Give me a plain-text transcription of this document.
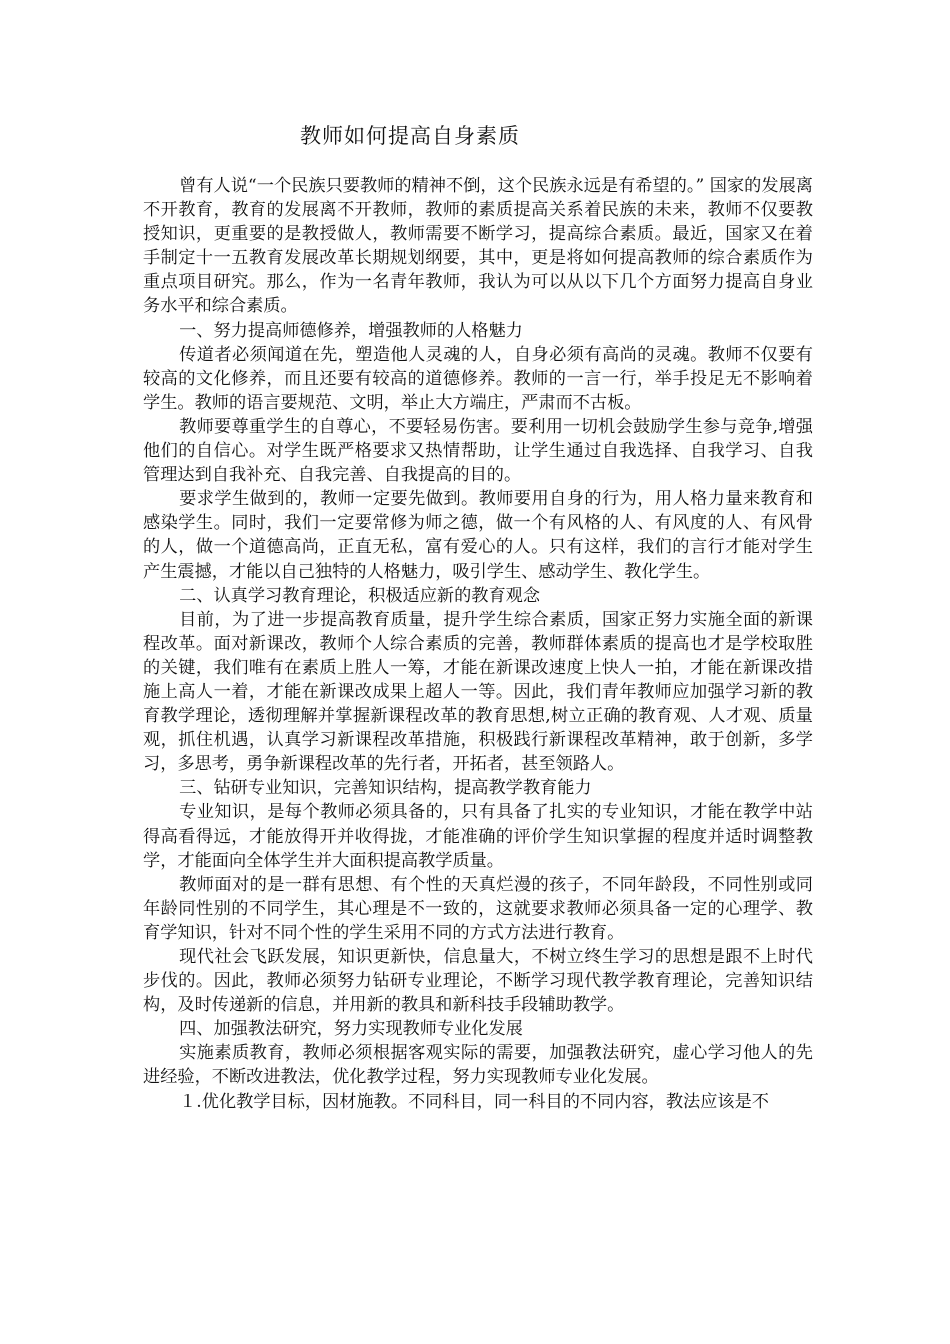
教师如何提高自身素质

曾有人说“一个民族只要教师的精神不倒，这个民族永远是有希望的。” 国家的发展离不开教育，教育的发展离不开教师，教师的素质提高关系着民族的未来，教师不仅要教授知识，更重要的是教授做人，教师需要不断学习，提高综合素质。最近，国家又在着手制定十一五教育发展改革长期规划纲要，其中，更是将如何提高教师的综合素质作为重点项目研究。那么，作为一名青年教师，我认为可以从以下几个方面努力提高自身业务水平和综合素质。

一、努力提高师德修养，增强教师的人格魅力

传道者必须闻道在先，塑造他人灵魂的人，自身必须有高尚的灵魂。教师不仅要有较高的文化修养，而且还要有较高的道德修养。教师的一言一行，举手投足无不影响着学生。教师的语言要规范、文明，举止大方端庄，严肃而不古板。

教师要尊重学生的自尊心，不要轻易伤害。要利用一切机会鼓励学生参与竞争,增强他们的自信心。对学生既严格要求又热情帮助，让学生通过自我选择、自我学习、自我管理达到自我补充、自我完善、自我提高的目的。

要求学生做到的，教师一定要先做到。教师要用自身的行为，用人格力量来教育和感染学生。同时，我们一定要常修为师之德，做一个有风格的人、有风度的人、有风骨的人，做一个道德高尚，正直无私，富有爱心的人。只有这样，我们的言行才能对学生产生震撼，才能以自己独特的人格魅力，吸引学生、感动学生、教化学生。

二、认真学习教育理论，积极适应新的教育观念

目前，为了进一步提高教育质量，提升学生综合素质，国家正努力实施全面的新课程改革。面对新课改，教师个人综合素质的完善，教师群体素质的提高也才是学校取胜的关键，我们唯有在素质上胜人一筹，才能在新课改速度上快人一拍，才能在新课改措施上高人一着，才能在新课改成果上超人一等。因此，我们青年教师应加强学习新的教育教学理论，透彻理解并掌握新课程改革的教育思想,树立正确的教育观、人才观、质量观，抓住机遇，认真学习新课程改革措施，积极践行新课程改革精神，敢于创新，多学习，多思考，勇争新课程改革的先行者，开拓者，甚至领路人。

三、钻研专业知识，完善知识结构，提高教学教育能力

专业知识，是每个教师必须具备的，只有具备了扎实的专业知识，才能在教学中站得高看得远，才能放得开并收得拢，才能准确的评价学生知识掌握的程度并适时调整教学，才能面向全体学生并大面积提高教学质量。

教师面对的是一群有思想、有个性的天真烂漫的孩子，不同年龄段，不同性别或同年龄同性别的不同学生，其心理是不一致的，这就要求教师必须具备一定的心理学、教育学知识，针对不同个性的学生采用不同的方式方法进行教育。

现代社会飞跃发展，知识更新快，信息量大，不树立终生学习的思想是跟不上时代步伐的。因此，教师必须努力钻研专业理论，不断学习现代教学教育理论，完善知识结构，及时传递新的信息，并用新的教具和新科技手段辅助教学。

四、加强教法研究，努力实现教师专业化发展

实施素质教育，教师必须根据客观实际的需要，加强教法研究，虚心学习他人的先进经验，不断改进教法，优化教学过程，努力实现教师专业化发展。

１.优化教学目标，因材施教。不同科目，同一科目的不同内容，教法应该是不
